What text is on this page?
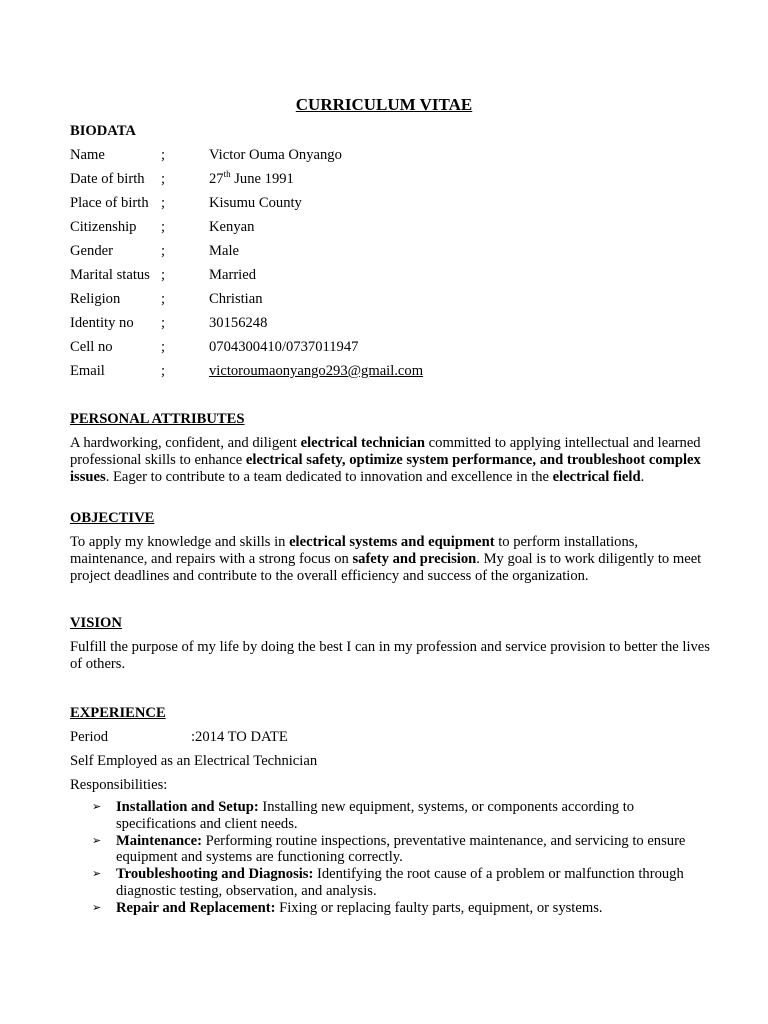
CURRICULUM VITAE
BIODATA
Name	;	Victor Ouma Onyango
Date of birth ;	27th June 1991
Place of birth ;	Kisumu County
Citizenship ;	Kenyan
Gender	;	Male
Marital status ;	Married
Religion	;	Christian
Identity no ;	30156248
Cell no	;	0704300410/0737011947
Email	;	victoroumaonyango293@gmail.com
PERSONAL ATTRIBUTES
A hardworking, confident, and diligent electrical technician committed to applying intellectual and learned professional skills to enhance electrical safety, optimize system performance, and troubleshoot complex issues. Eager to contribute to a team dedicated to innovation and excellence in the electrical field.
OBJECTIVE
To apply my knowledge and skills in electrical systems and equipment to perform installations, maintenance, and repairs with a strong focus on safety and precision. My goal is to work diligently to meet project deadlines and contribute to the overall efficiency and success of the organization.
VISION
Fulfill the purpose of my life by doing the best I can in my profession and service provision to better the lives of others.
EXPERIENCE
Period	:2014 TO DATE
Self Employed as an Electrical Technician
Responsibilities:
➢ Installation and Setup: Installing new equipment, systems, or components according to specifications and client needs.
➢ Maintenance: Performing routine inspections, preventative maintenance, and servicing to ensure equipment and systems are functioning correctly.
➢ Troubleshooting and Diagnosis: Identifying the root cause of a problem or malfunction through diagnostic testing, observation, and analysis.
➢ Repair and Replacement: Fixing or replacing faulty parts, equipment, or systems.
